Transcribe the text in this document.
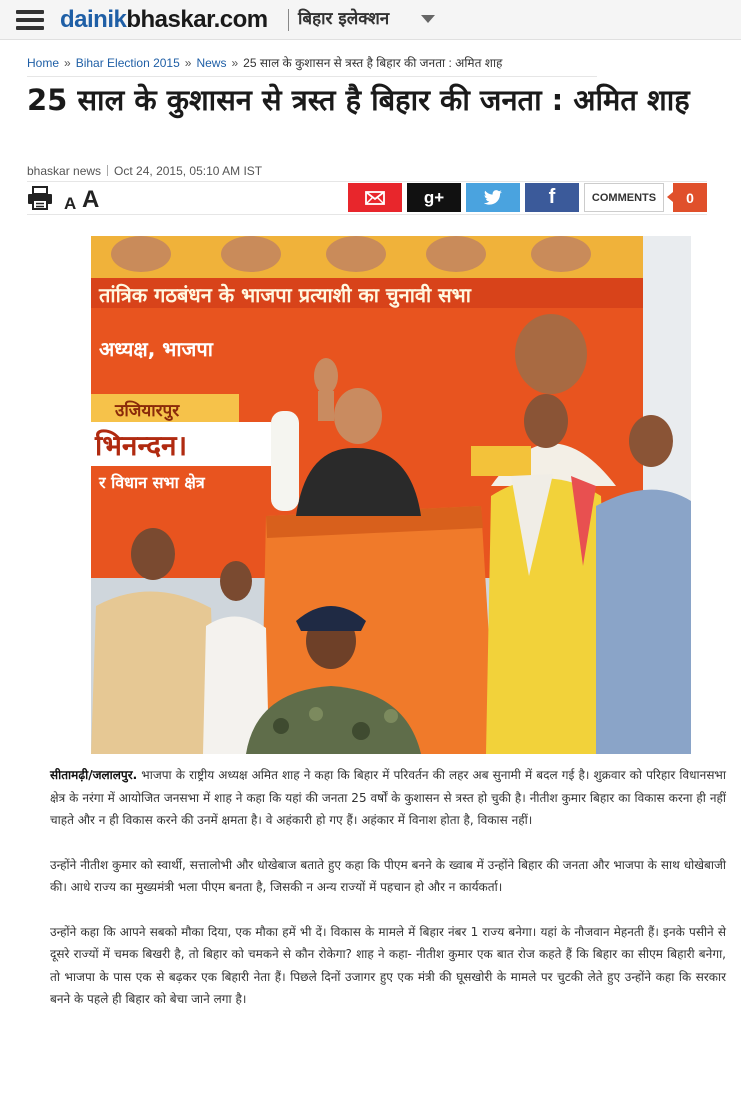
dainikbhaskar.com बिहार इलेक्शन
Home » Bihar Election 2015 » News » 25 साल के कुशासन से त्रस्त है बिहार की जनता : अमित शाह
25 साल के कुशासन से त्रस्त है बिहार की जनता : अमित शाह
bhaskar news Oct 24, 2015, 05:10 AM IST
A A	g+	f	COMMENTS	0
तांत्रिक गठबंधन के भाजपा प्रत्याशी का चुनावी सभा
अध्यक्ष, भाजपा
उजियारपुर
भिनन्दन।
र विधान सभा क्षेत्र

सीतामढ़ी/जलालपुर. भाजपा के राष्ट्रीय अध्यक्ष अमित शाह ने कहा कि बिहार में परिवर्तन की लहर अब सुनामी में बदल गई है। शुक्रवार को परिहार विधानसभा क्षेत्र के नरंगा में आयोजित जनसभा में शाह ने कहा कि यहां की जनता 25 वर्षों के कुशासन से त्रस्त हो चुकी है। नीतीश कुमार बिहार का विकास करना ही नहीं चाहते और न ही विकास करने की उनमें क्षमता है। वे अहंकारी हो गए हैं। अहंकार में विनाश होता है, विकास नहीं।

उन्होंने नीतीश कुमार को स्वार्थी, सत्तालोभी और धोखेबाज बताते हुए कहा कि पीएम बनने के ख्वाब में उन्होंने बिहार की जनता और भाजपा के साथ धोखेबाजी की। आधे राज्य का मुख्यमंत्री भला पीएम बनता है, जिसकी न अन्य राज्यों में पहचान हो और न कार्यकर्ता।

उन्होंने कहा कि आपने सबको मौका दिया, एक मौका हमें भी दें। विकास के मामले में बिहार नंबर 1 राज्य बनेगा। यहां के नौजवान मेहनती हैं। इनके पसीने से दूसरे राज्यों में चमक बिखरी है, तो बिहार को चमकने से कौन रोकेगा? शाह ने कहा- नीतीश कुमार एक बात रोज कहते हैं कि बिहार का सीएम बिहारी बनेगा, तो भाजपा के पास एक से बढ़कर एक बिहारी नेता हैं। पिछले दिनों उजागर हुए एक मंत्री की घूसखोरी के मामले पर चुटकी लेते हुए उन्होंने कहा कि सरकार बनने के पहले ही बिहार को बेचा जाने लगा है।
